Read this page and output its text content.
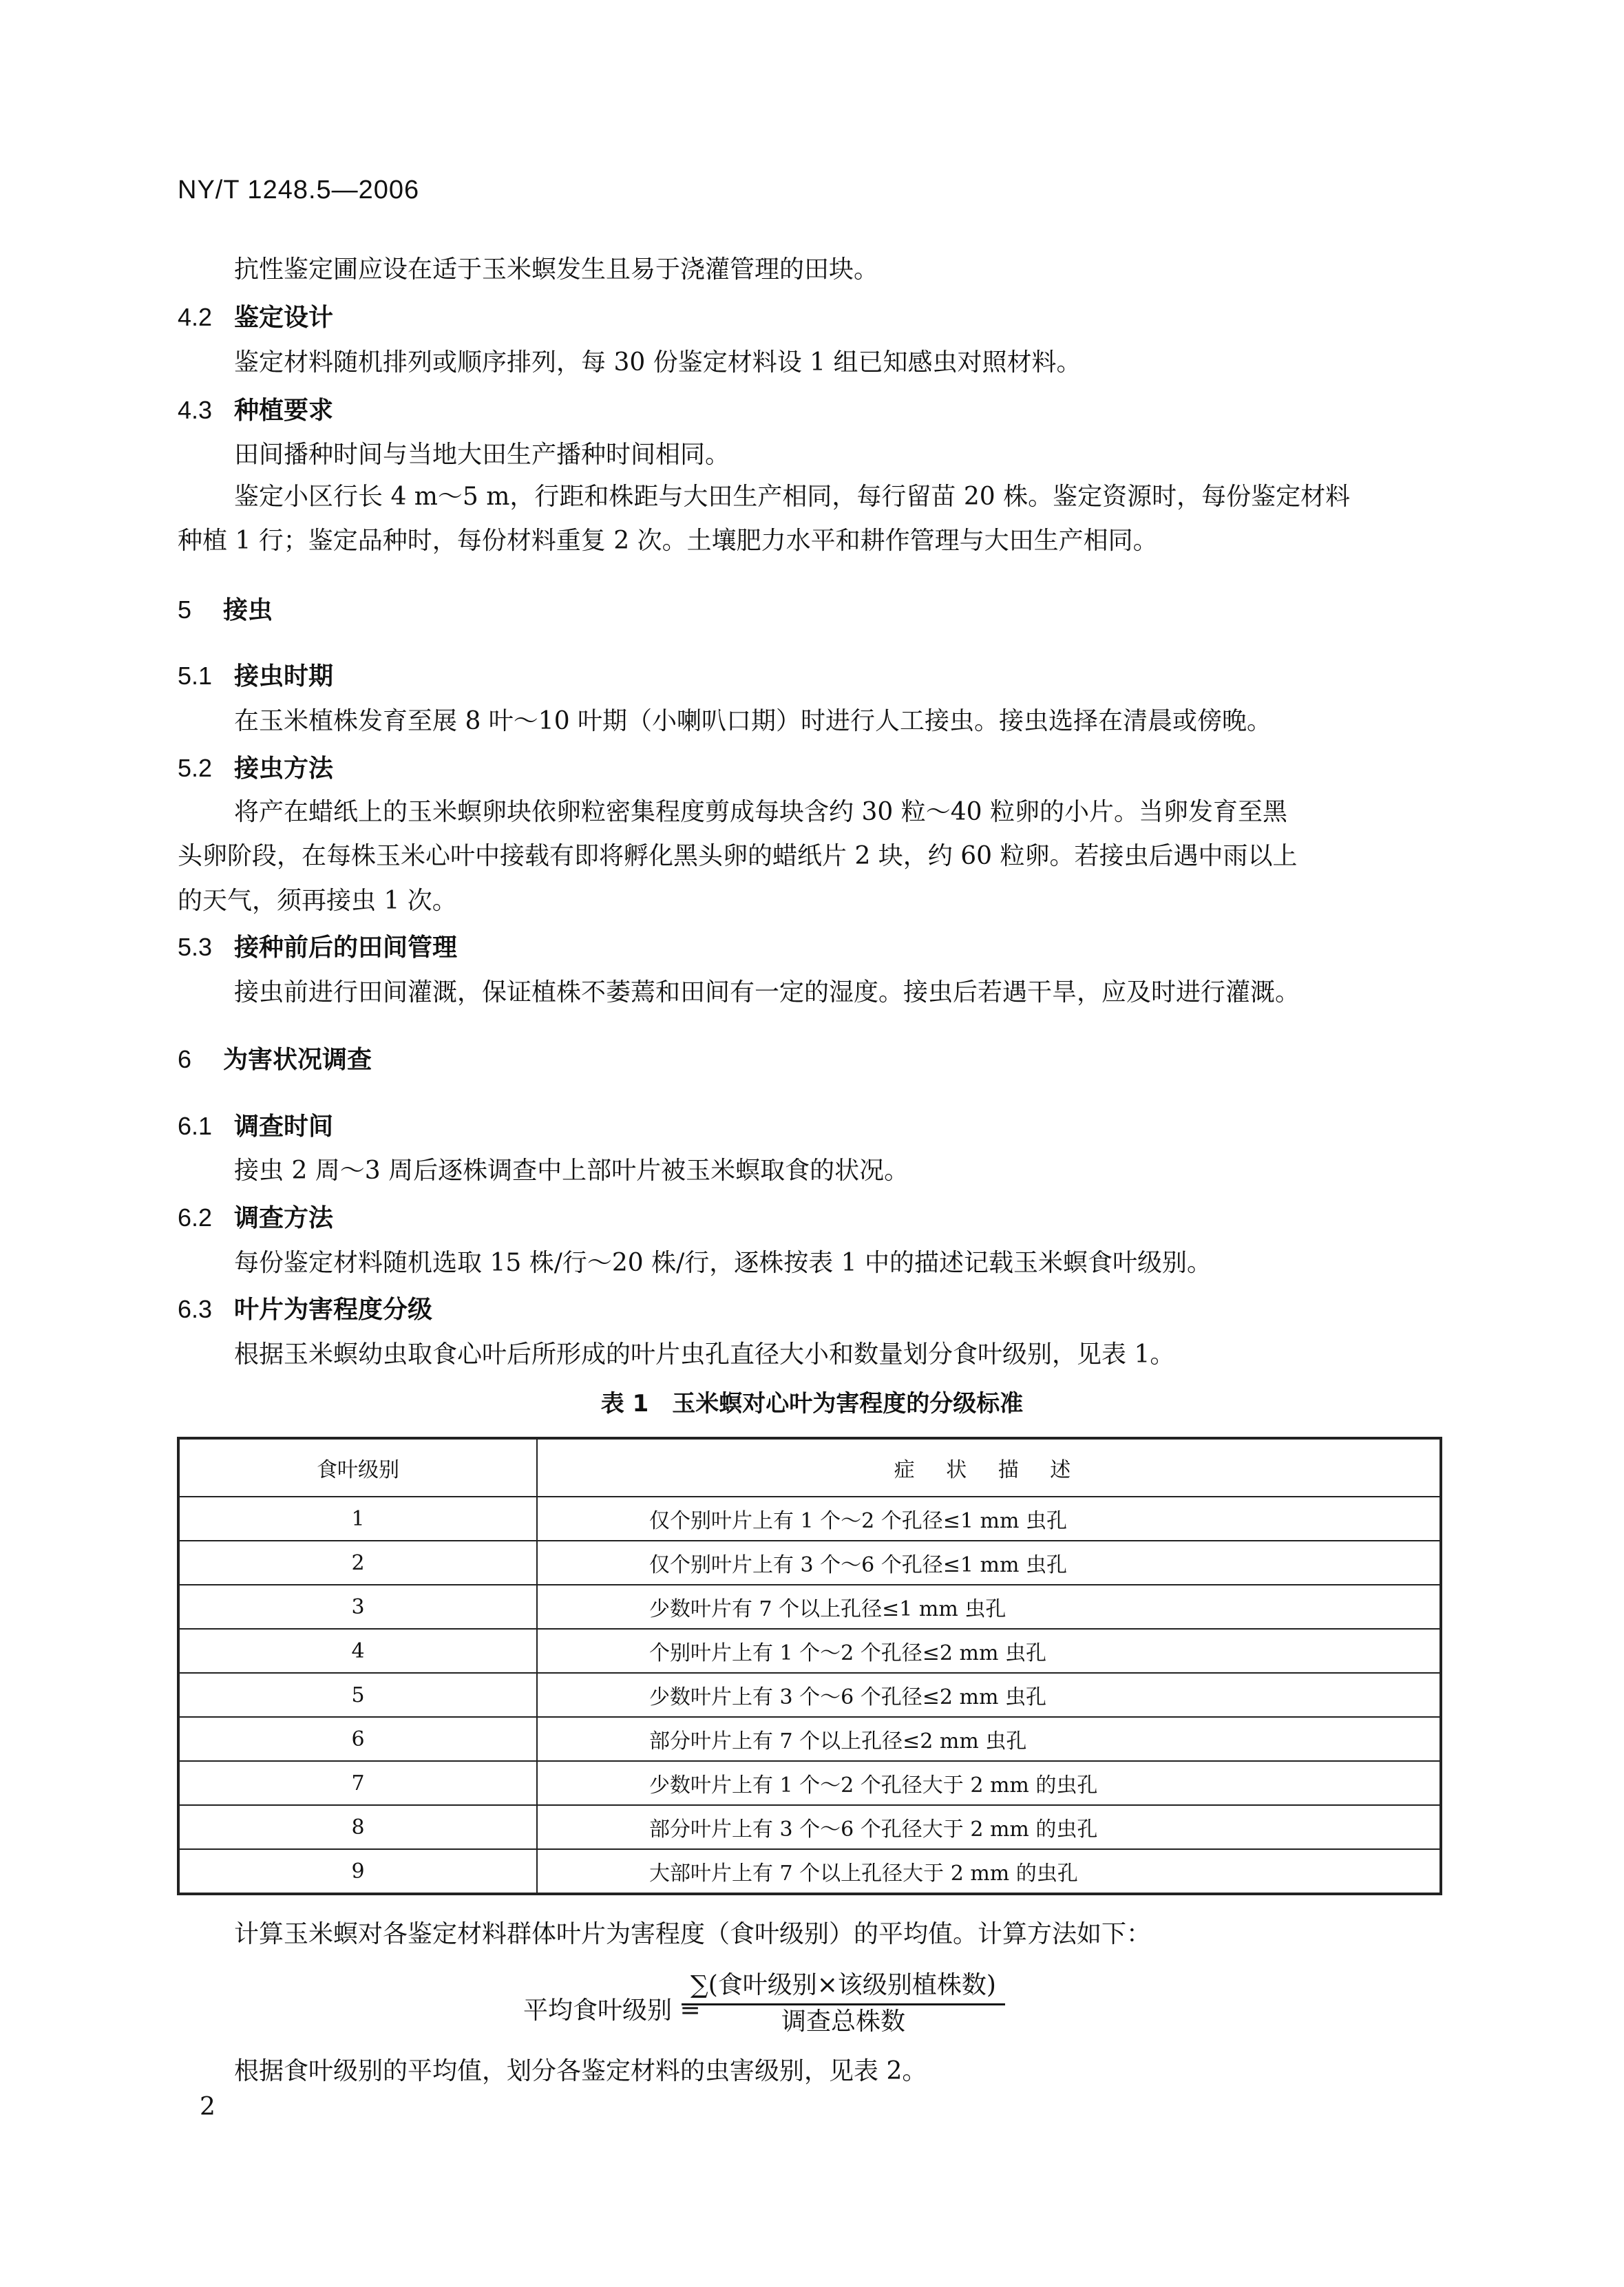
NY/T 1248.5—2006
抗性鉴定圃应设在适于玉米螟发生且易于浇灌管理的田块。
4.2 鉴定设计
鉴定材料随机排列或顺序排列，每 30 份鉴定材料设 1 组已知感虫对照材料。
4.3 种植要求
田间播种时间与当地大田生产播种时间相同。
鉴定小区行长 4 m～5 m，行距和株距与大田生产相同，每行留苗 20 株。鉴定资源时，每份鉴定材料
种植 1 行；鉴定品种时，每份材料重复 2 次。土壤肥力水平和耕作管理与大田生产相同。
5 接虫
5.1 接虫时期
在玉米植株发育至展 8 叶～10 叶期（小喇叭口期）时进行人工接虫。接虫选择在清晨或傍晚。
5.2 接虫方法
将产在蜡纸上的玉米螟卵块依卵粒密集程度剪成每块含约 30 粒～40 粒卵的小片。当卵发育至黑
头卵阶段，在每株玉米心叶中接载有即将孵化黑头卵的蜡纸片 2 块，约 60 粒卵。若接虫后遇中雨以上
的天气，须再接虫 1 次。
5.3 接种前后的田间管理
接虫前进行田间灌溉，保证植株不萎蔫和田间有一定的湿度。接虫后若遇干旱，应及时进行灌溉。
6 为害状况调查
6.1 调查时间
接虫 2 周～3 周后逐株调查中上部叶片被玉米螟取食的状况。
6.2 调查方法
每份鉴定材料随机选取 15 株/行～20 株/行，逐株按表 1 中的描述记载玉米螟食叶级别。
6.3 叶片为害程度分级
根据玉米螟幼虫取食心叶后所形成的叶片虫孔直径大小和数量划分食叶级别，见表 1。
表 1　玉米螟对心叶为害程度的分级标准
食叶级别	症 状 描 述
1	仅个别叶片上有 1 个～2 个孔径≤1 mm 虫孔
2	仅个别叶片上有 3 个～6 个孔径≤1 mm 虫孔
3	少数叶片有 7 个以上孔径≤1 mm 虫孔
4	个别叶片上有 1 个～2 个孔径≤2 mm 虫孔
5	少数叶片上有 3 个～6 个孔径≤2 mm 虫孔
6	部分叶片上有 7 个以上孔径≤2 mm 虫孔
7	少数叶片上有 1 个～2 个孔径大于 2 mm 的虫孔
8	部分叶片上有 3 个～6 个孔径大于 2 mm 的虫孔
9	大部叶片上有 7 个以上孔径大于 2 mm 的虫孔
计算玉米螟对各鉴定材料群体叶片为害程度（食叶级别）的平均值。计算方法如下：
平均食叶级别 =
∑(食叶级别×该级别植株数)
调查总株数
根据食叶级别的平均值，划分各鉴定材料的虫害级别，见表 2。
2
